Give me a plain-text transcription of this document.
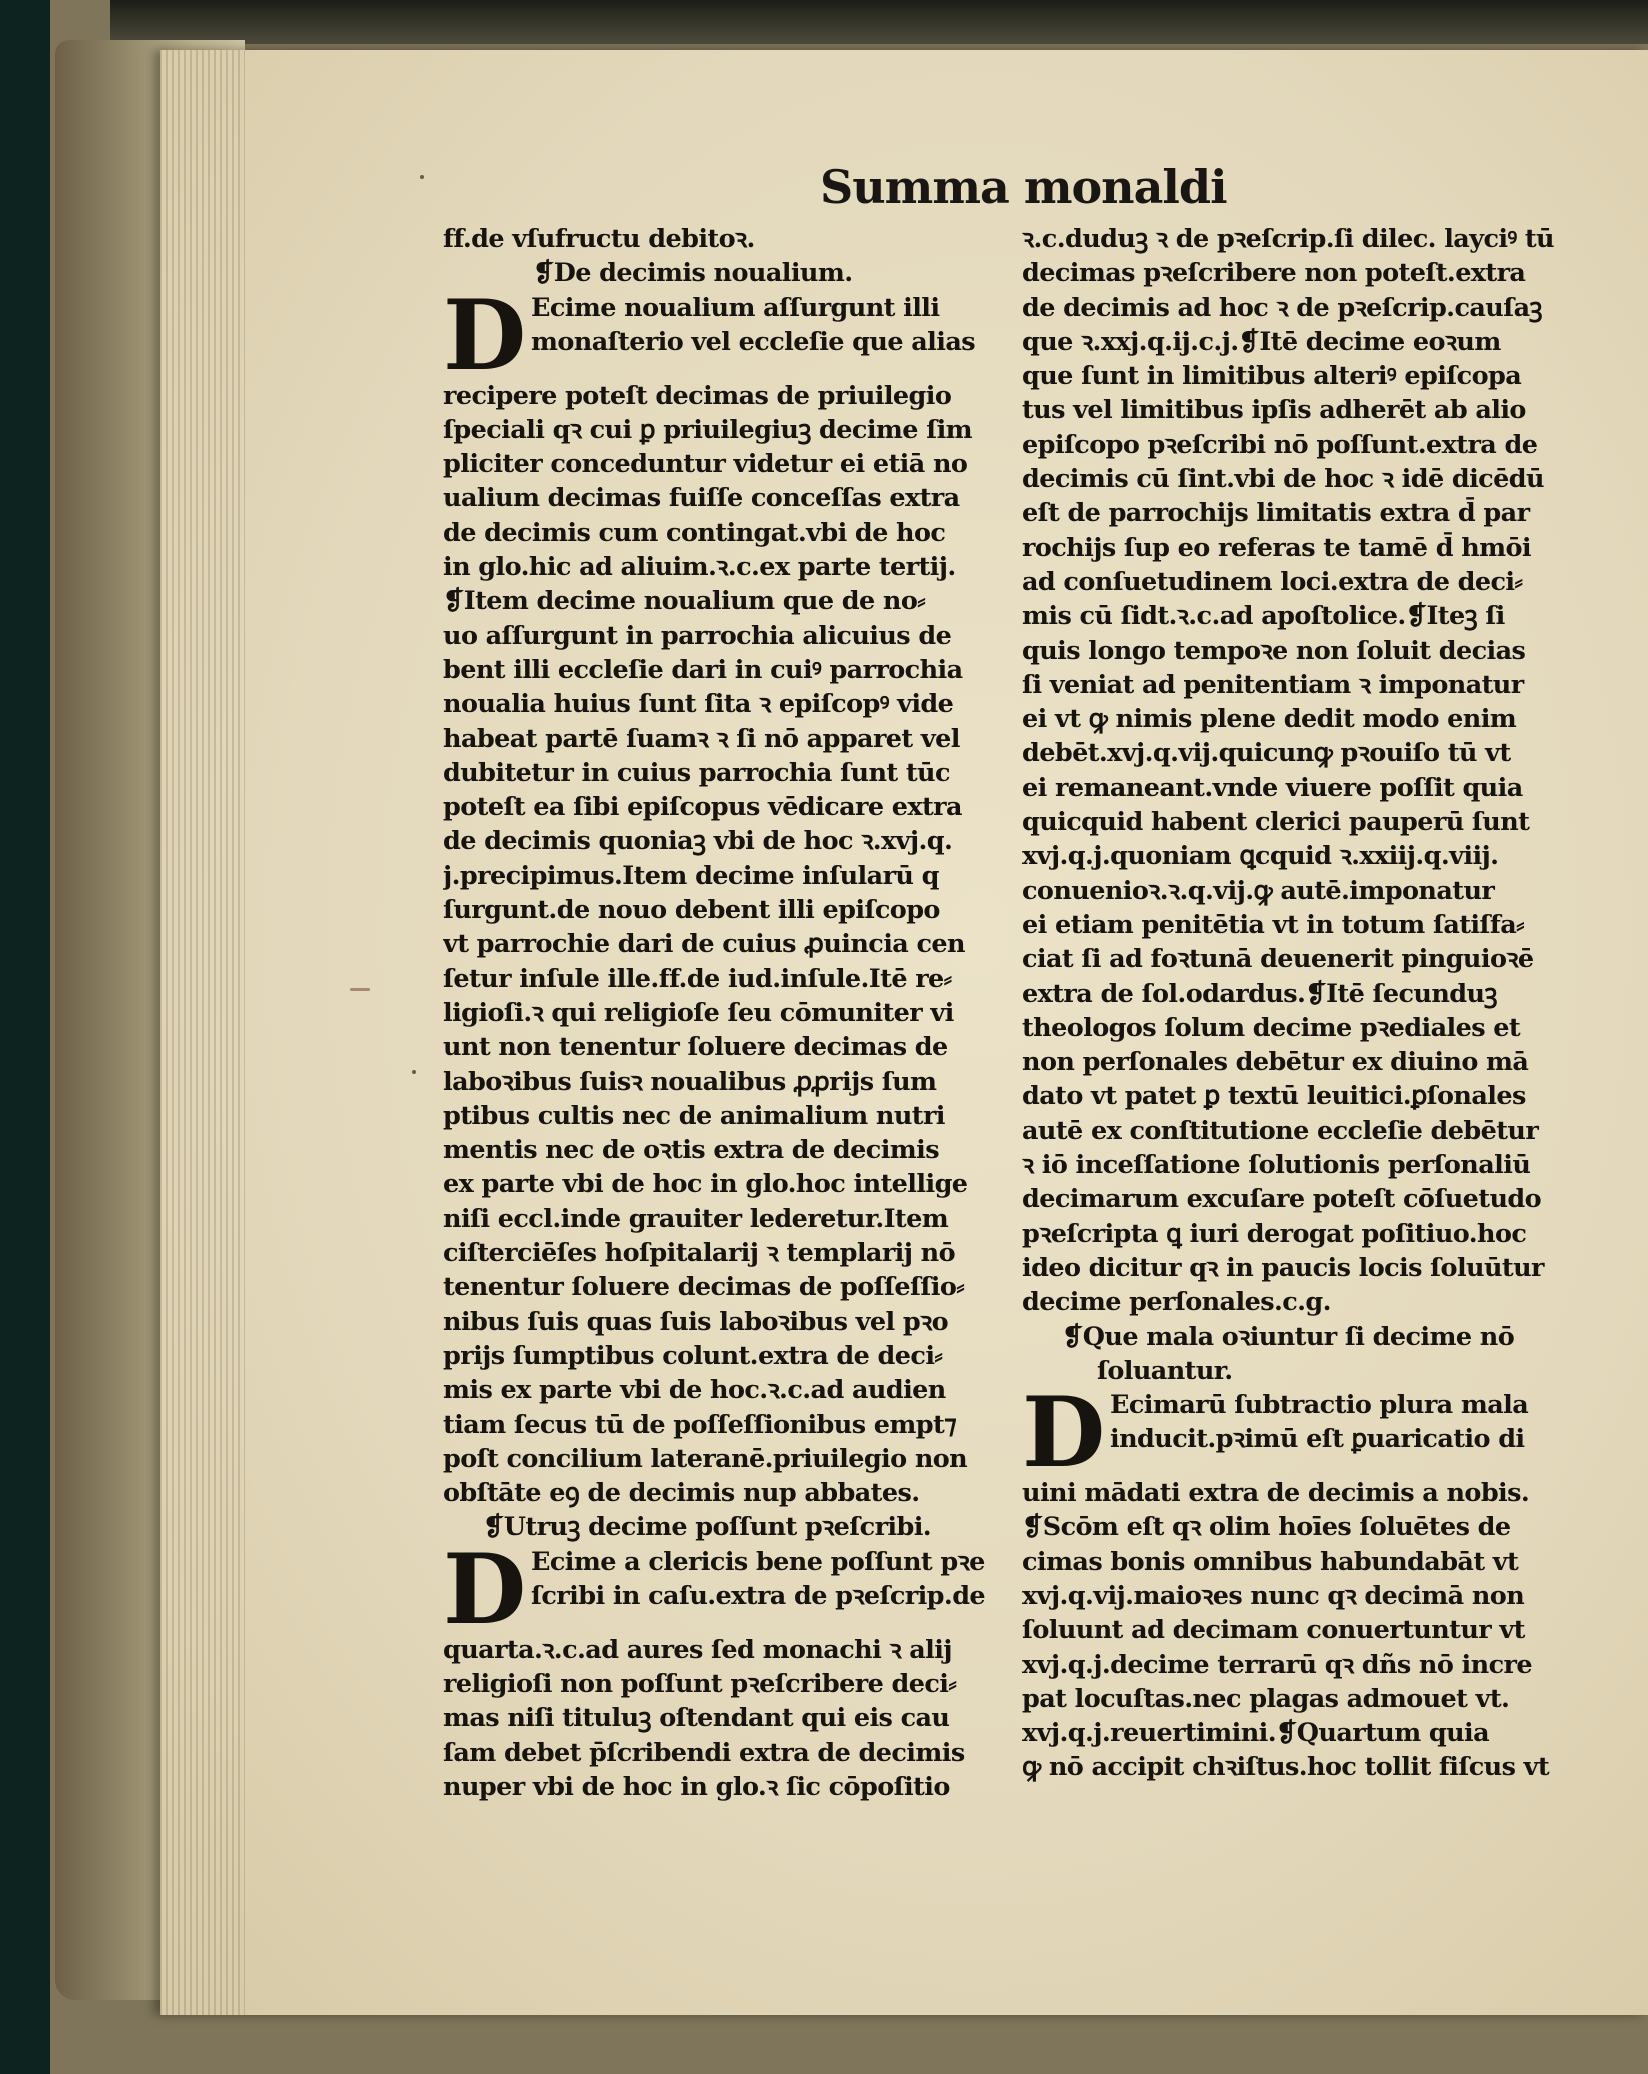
Summa monaldi
ff.de vſufructu debitoꝛ.
❡De decimis noualium.
D Ecime noualium aſſurgunt illi
monaſterio vel eccleſie que alias
recipere poteſt decimas de priuilegio
ſpeciali qꝛ cui ꝑ priuilegiuꝫ decime ſim
pliciter conceduntur videtur ei etiā no
ualium decimas fuiſſe conceſſas extra
de decimis cum contingat.vbi de hoc
in glo.hic ad aliuim.ꝛ.c.ex parte tertij.
❡Item decime noualium que de no⸗
uo aſſurgunt in parrochia alicuius de
bent illi eccleſie dari in cuiꝰ parrochia
noualia huius ſunt ſita ꝛ epiſcopꝰ vide
habeat partē ſuamꝛ ꝛ ſi nō apparet vel
dubitetur in cuius parrochia ſunt tūc
poteſt ea ſibi epiſcopus vēdicare extra
de decimis quoniaꝫ vbi de hoc ꝛ.xvj.q.
j.precipimus.Item decime inſularū q
ſurgunt.de nouo debent illi epiſcopo
vt parrochie dari de cuius ꝓuincia cen
ſetur inſule ille.ff.de iud.inſule.Itē re⸗
ligioſi.ꝛ qui religioſe ſeu cōmuniter vi
unt non tenentur ſoluere decimas de
laboꝛibus ſuisꝛ noualibus ꝓꝓrijs ſum
ptibus cultis nec de animalium nutri
mentis nec de oꝛtis extra de decimis
ex parte vbi de hoc in glo.hoc intellige
niſi eccl.inde grauiter lederetur.Item
ciſterciēſes hoſpitalarij ꝛ templarij nō
tenentur ſoluere decimas de poſſeſſio⸗
nibus ſuis quas ſuis laboꝛibus vel pꝛo
prijs ſumptibus colunt.extra de deci⸗
mis ex parte vbi de hoc.ꝛ.c.ad audien
tiam ſecus tū de poſſeſſionibus empt⁊
poſt concilium lateranē.priuilegio non
obſtāte eꝯ de decimis nup abbates.
❡Utruꝫ decime poſſunt pꝛeſcribi.
D Ecime a clericis bene poſſunt pꝛe
ſcribi in caſu.extra de pꝛeſcrip.de
quarta.ꝛ.c.ad aures ſed monachi ꝛ alij
religioſi non poſſunt pꝛeſcribere deci⸗
mas niſi tituluꝫ oſtendant qui eis cau
ſam debet p̄ſcribendi extra de decimis
nuper vbi de hoc in glo.ꝛ ſic cōpoſitio
ꝛ.c.duduꝫ ꝛ de pꝛeſcrip.ſi dilec. layciꝰ tū
decimas pꝛeſcribere non poteſt.extra
de decimis ad hoc ꝛ de pꝛeſcrip.cauſaꝫ
que ꝛ.xxj.q.ij.c.j.❡Itē decime eoꝛum
que ſunt in limitibus alteriꝰ epiſcopa
tus vel limitibus ipſis adherēt ab alio
epiſcopo pꝛeſcribi nō poſſunt.extra de
decimis cū ſint.vbi de hoc ꝛ idē dicēdū
eſt de parrochijs limitatis extra d̄ par
rochijs ſup eo referas te tamē d̄ hmōi
ad conſuetudinem loci.extra de deci⸗
mis cū ſidt.ꝛ.c.ad apoſtolice.❡Iteꝫ ſi
quis longo tempoꝛe non ſoluit decias
ſi veniat ad penitentiam ꝛ imponatur
ei vt ꝙ nimis plene dedit modo enim
debēt.xvj.q.vij.quicunꝙ pꝛouiſo tū vt
ei remaneant.vnde viuere poſſit quia
quicquid habent clerici pauperū ſunt
xvj.q.j.quoniam ꝗcquid ꝛ.xxiij.q.viij.
conuenioꝛ.ꝛ.q.vij.ꝙ autē.imponatur
ei etiam penitētia vt in totum ſatiſfa⸗
ciat ſi ad foꝛtunā deuenerit pinguioꝛē
extra de ſol.odardus.❡Itē ſecunduꝫ
theologos ſolum decime pꝛediales et
non perſonales debētur ex diuino mā
dato vt patet ꝑ textū leuitici.ꝑſonales
autē ex conſtitutione eccleſie debētur
ꝛ iō inceſſatione ſolutionis perſonaliū
decimarum excuſare poteſt cōſuetudo
pꝛeſcripta ꝗ iuri derogat poſitiuo.hoc
ideo dicitur qꝛ in paucis locis ſoluūtur
decime perſonales.c.g.
❡Que mala oꝛiuntur ſi decime nō
ſoluantur.
D Ecimarū ſubtractio plura mala
inducit.pꝛimū eſt ꝑuaricatio di
uini mādati extra de decimis a nobis.
❡Scōm eſt qꝛ olim hoīes ſoluētes de
cimas bonis omnibus habundabāt vt
xvj.q.vij.maioꝛes nunc qꝛ decimā non
ſoluunt ad decimam conuertuntur vt
xvj.q.j.decime terrarū qꝛ dñs nō incre
pat locuſtas.nec plagas admouet vt.
xvj.q.j.reuertimini.❡Quartum quia
ꝙ nō accipit chꝛiſtus.hoc tollit fiſcus vt
